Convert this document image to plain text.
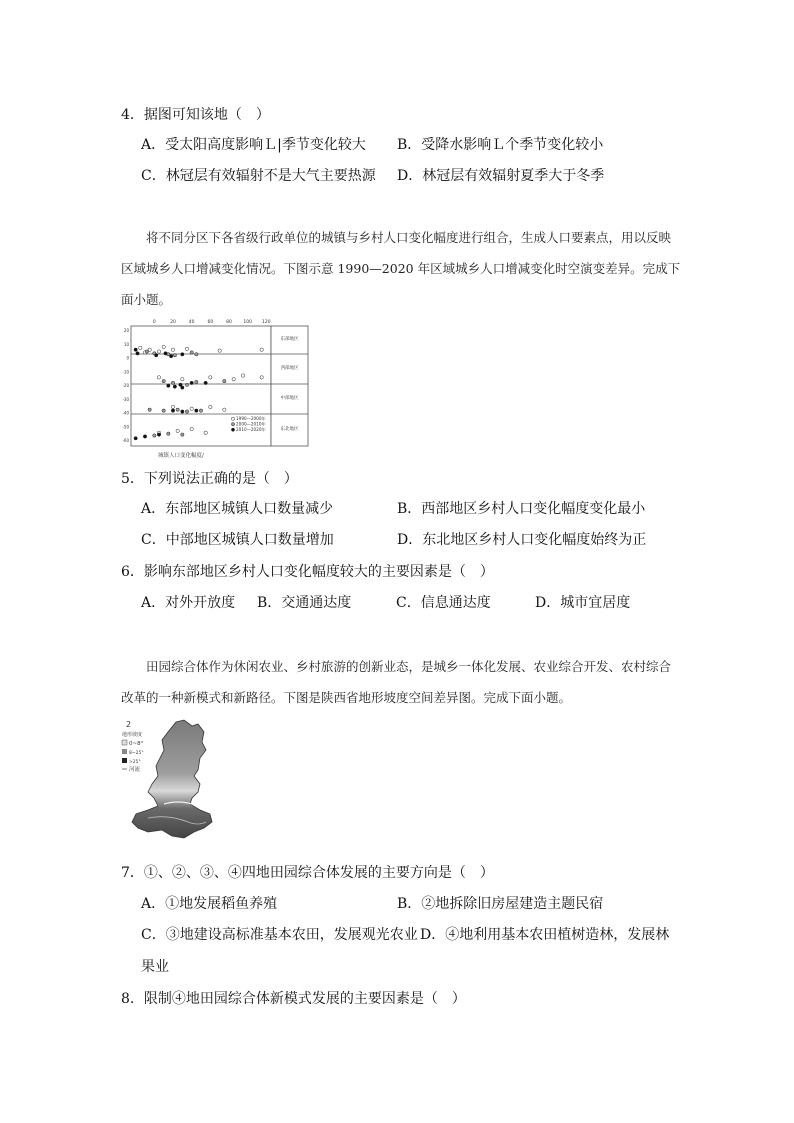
4．据图可知该地（　）
A．受太阳高度影响Ｌ|季节变化较大 B．受降水影响Ｌ个季节变化较小
C．林冠层有效辐射不是大气主要热源 D．林冠层有效辐射夏季大于冬季
将不同分区下各省级行政单位的城镇与乡村人口变化幅度进行组合，生成人口要素点，用以反映区域城乡人口增减变化情况。下图示意 1990—2020 年区域城乡人口增减变化时空演变差异。完成下面小题。
0	20	40	60	80	100 120
20
10
0
-10
-20
-30
-40
-50
-60
东部地区
西部地区
中部地区
东北地区
1990—2000年
2000—2010年
2010—2020年
城镇人口变化幅度/
5．下列说法正确的是（　）
A．东部地区城镇人口数量减少	B．西部地区乡村人口变化幅度变化最小
C．中部地区城镇人口数量增加	D．东北地区乡村人口变化幅度始终为正
6．影响东部地区乡村人口变化幅度较大的主要因素是（　）
A．对外开放度 B．交通通达度	C．信息通达度	D．城市宜居度
田园综合体作为休闲农业、乡村旅游的创新业态，是城乡一体化发展、农业综合开发、农村综合改革的一种新模式和新路径。下图是陕西省地形坡度空间差异图。完成下面小题。
2
地形坡度
0~8°
8~25°
>25°
河流
7．①、②、③、④四地田园综合体发展的主要方向是（　）
A．①地发展稻鱼养殖	B．②地拆除旧房屋建造主题民宿
C．③地建设高标准基本农田，发展观光农业 D．④地利用基本农田植树造林，发展林
果业
8．限制④地田园综合体新模式发展的主要因素是（　）
